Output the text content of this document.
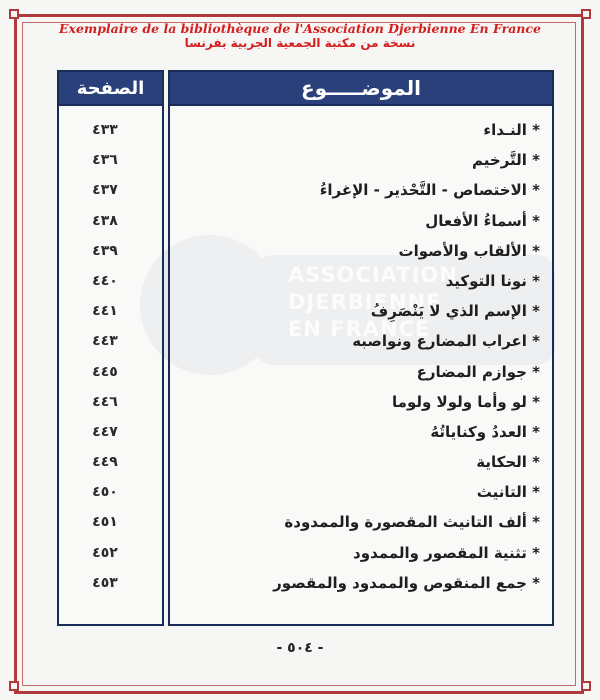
Exemplaire de la bibliothèque de l'Association Djerbienne En France
نسخة من مكتبة الجمعية الجربية بفرنسا
ASSOCIATION
DJERBIENNE
EN FRANCE
الموضـــــوع
الصفحة
* النـداء
٤٣٣
* التَّرخيم
٤٣٦
* الاختصاص - التَّحْذير - الإغراءُ
٤٣٧
* أسماءُ الأفعال
٤٣٨
* الألقاب والأصوات
٤٣٩
* نونا التوكيد
٤٤٠
* الإسم الذي لا يَنْصَرِفُ
٤٤١
* اعراب المضارع ونواصبه
٤٤٣
* جوازم المضارع
٤٤٥
* لو وأما ولولا ولوما
٤٤٦
* العددُ وكناياتُهُ
٤٤٧
* الحكاية
٤٤٩
* التانيث
٤٥٠
* ألف التانيث المقصورة والممدودة
٤٥١
* تثنية المقصور والممدود
٤٥٢
* جمع المنقوص والممدود والمقصور
٤٥٣
- ٥٠٤ -
